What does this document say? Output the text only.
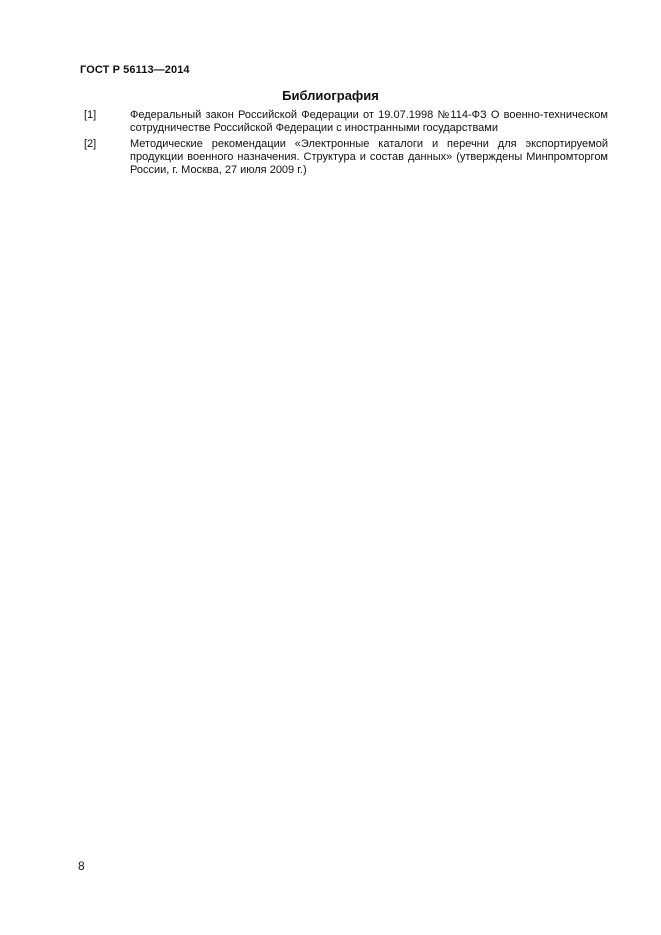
ГОСТ Р 56113—2014
Библиография
[1]	Федеральный закон Российской Федерации от 19.07.1998 №114-ФЗ О военно-техническом сотрудничестве Российской Федерации с иностранными государствами
[2]	Методические рекомендации «Электронные каталоги и перечни для экспортируемой продукции военного назначения. Структура и состав данных» (утверждены Минпромторгом России, г. Москва, 27 июля 2009 г.)
8
